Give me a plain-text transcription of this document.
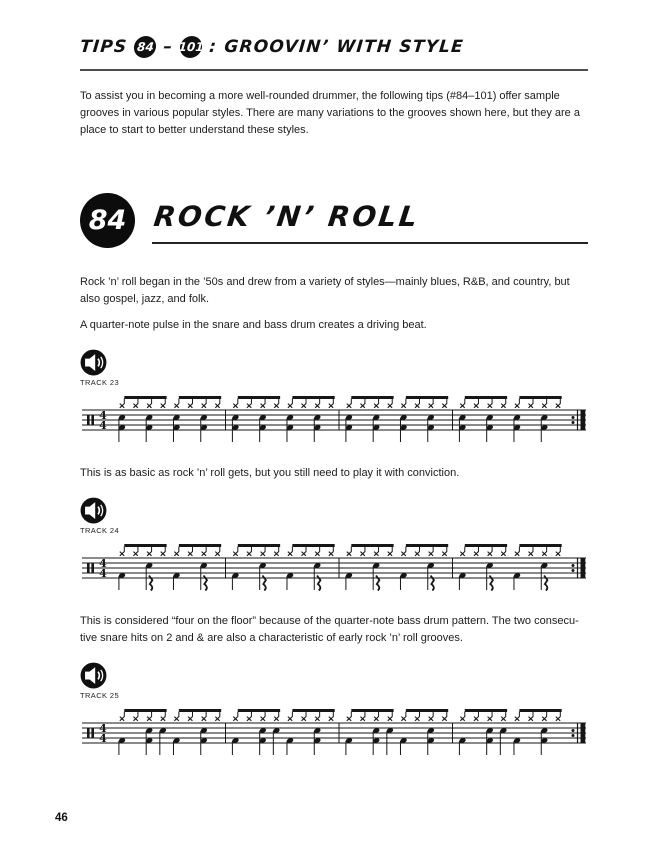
TIPS 84 – 101 : GROOVIN’ WITH STYLE
To assist you in becoming a more well-rounded drummer, the following tips (#84–101) offer sample
grooves in various popular styles. There are many variations to the grooves shown here, but they are a
place to start to better understand these styles.
84 ROCK ’N’ ROLL
Rock ’n’ roll began in the ’50s and drew from a variety of styles—mainly blues, R&B, and country, but
also gospel, jazz, and folk.
A quarter-note pulse in the snare and bass drum creates a driving beat.
TRACK 23
4
4
This is as basic as rock ’n’ roll gets, but you still need to play it with conviction.
TRACK 24
4
4
This is considered “four on the floor” because of the quarter-note bass drum pattern. The two consecu-
tive snare hits on 2 and & are also a characteristic of early rock ’n’ roll grooves.
TRACK 25
4
4
46
